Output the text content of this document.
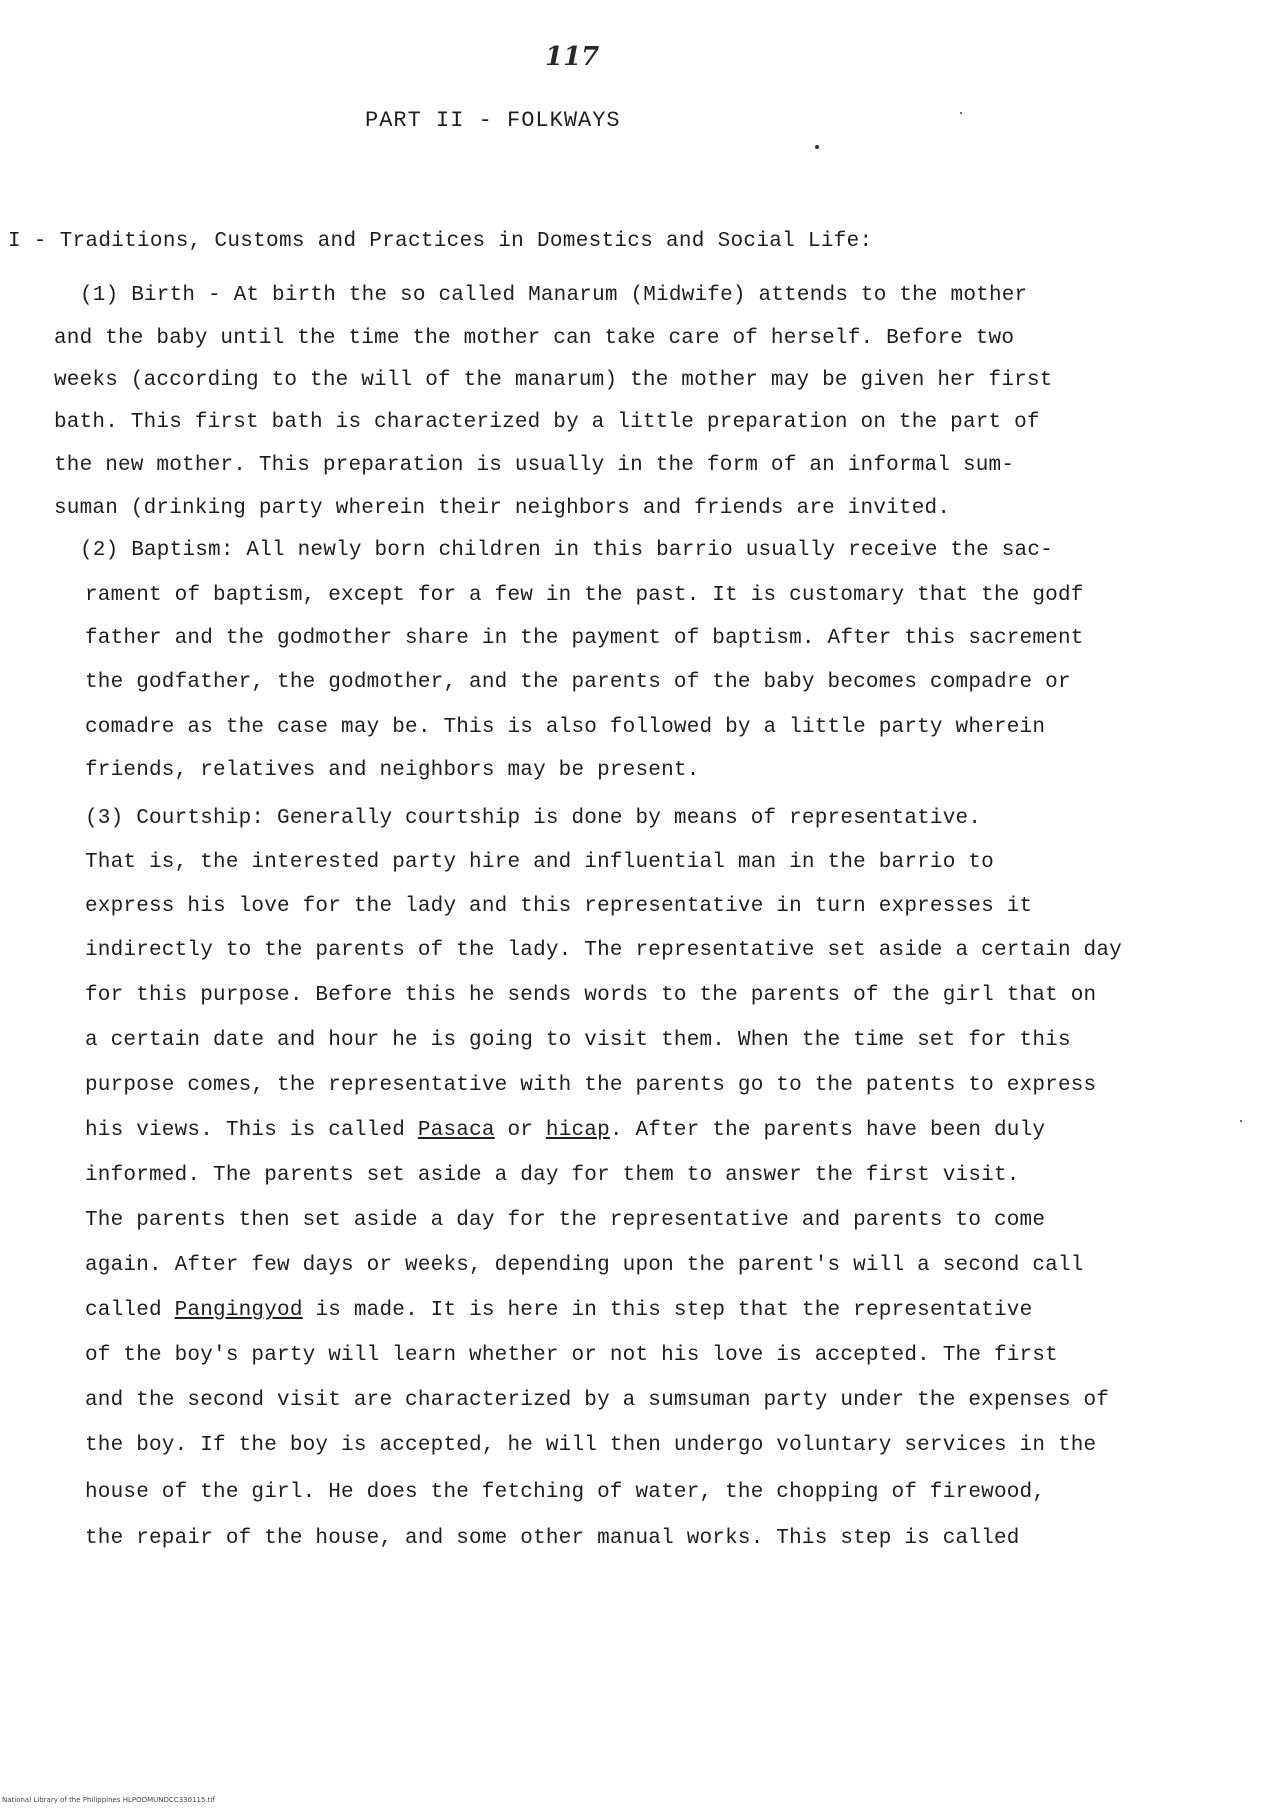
117
PART II - FOLKWAYS
I - Traditions, Customs and Practices in Domestics and Social Life:
(1) Birth - At birth the so called Manarum (Midwife) attends to the mother
and the baby until the time the mother can take care of herself. Before two
weeks (according to the will of the manarum) the mother may be given her first
bath. This first bath is characterized by a little preparation on the part of
the new mother. This preparation is usually in the form of an informal sum-
suman (drinking party wherein their neighbors and friends are invited.
(2) Baptism: All newly born children in this barrio usually receive the sac-
rament of baptism, except for a few in the past. It is customary that the godf
father and the godmother share in the payment of baptism. After this sacrement
the godfather, the godmother, and the parents of the baby becomes compadre or
comadre as the case may be. This is also followed by a little party wherein
friends, relatives and neighbors may be present.
(3) Courtship: Generally courtship is done by means of representative.
That is, the interested party hire and influential man in the barrio to
express his love for the lady and this representative in turn expresses it
indirectly to the parents of the lady. The representative set aside a certain day
for this purpose. Before this he sends words to the parents of the girl that on
a certain date and hour he is going to visit them. When the time set for this
purpose comes, the representative with the parents go to the patents to express
his views. This is called Pasaca or hicap. After the parents have been duly
informed. The parents set aside a day for them to answer the first visit.
The parents then set aside a day for the representative and parents to come
again. After few days or weeks, depending upon the parent's will a second call
called Pangingyod is made. It is here in this step that the representative
of the boy's party will learn whether or not his love is accepted. The first
and the second visit are characterized by a sumsuman party under the expenses of
the boy. If the boy is accepted, he will then undergo voluntary services in the
house of the girl. He does the fetching of water, the chopping of firewood,
the repair of the house, and some other manual works. This step is called
National Library of the Philippines HLPOOMUNDCC330115.tif
